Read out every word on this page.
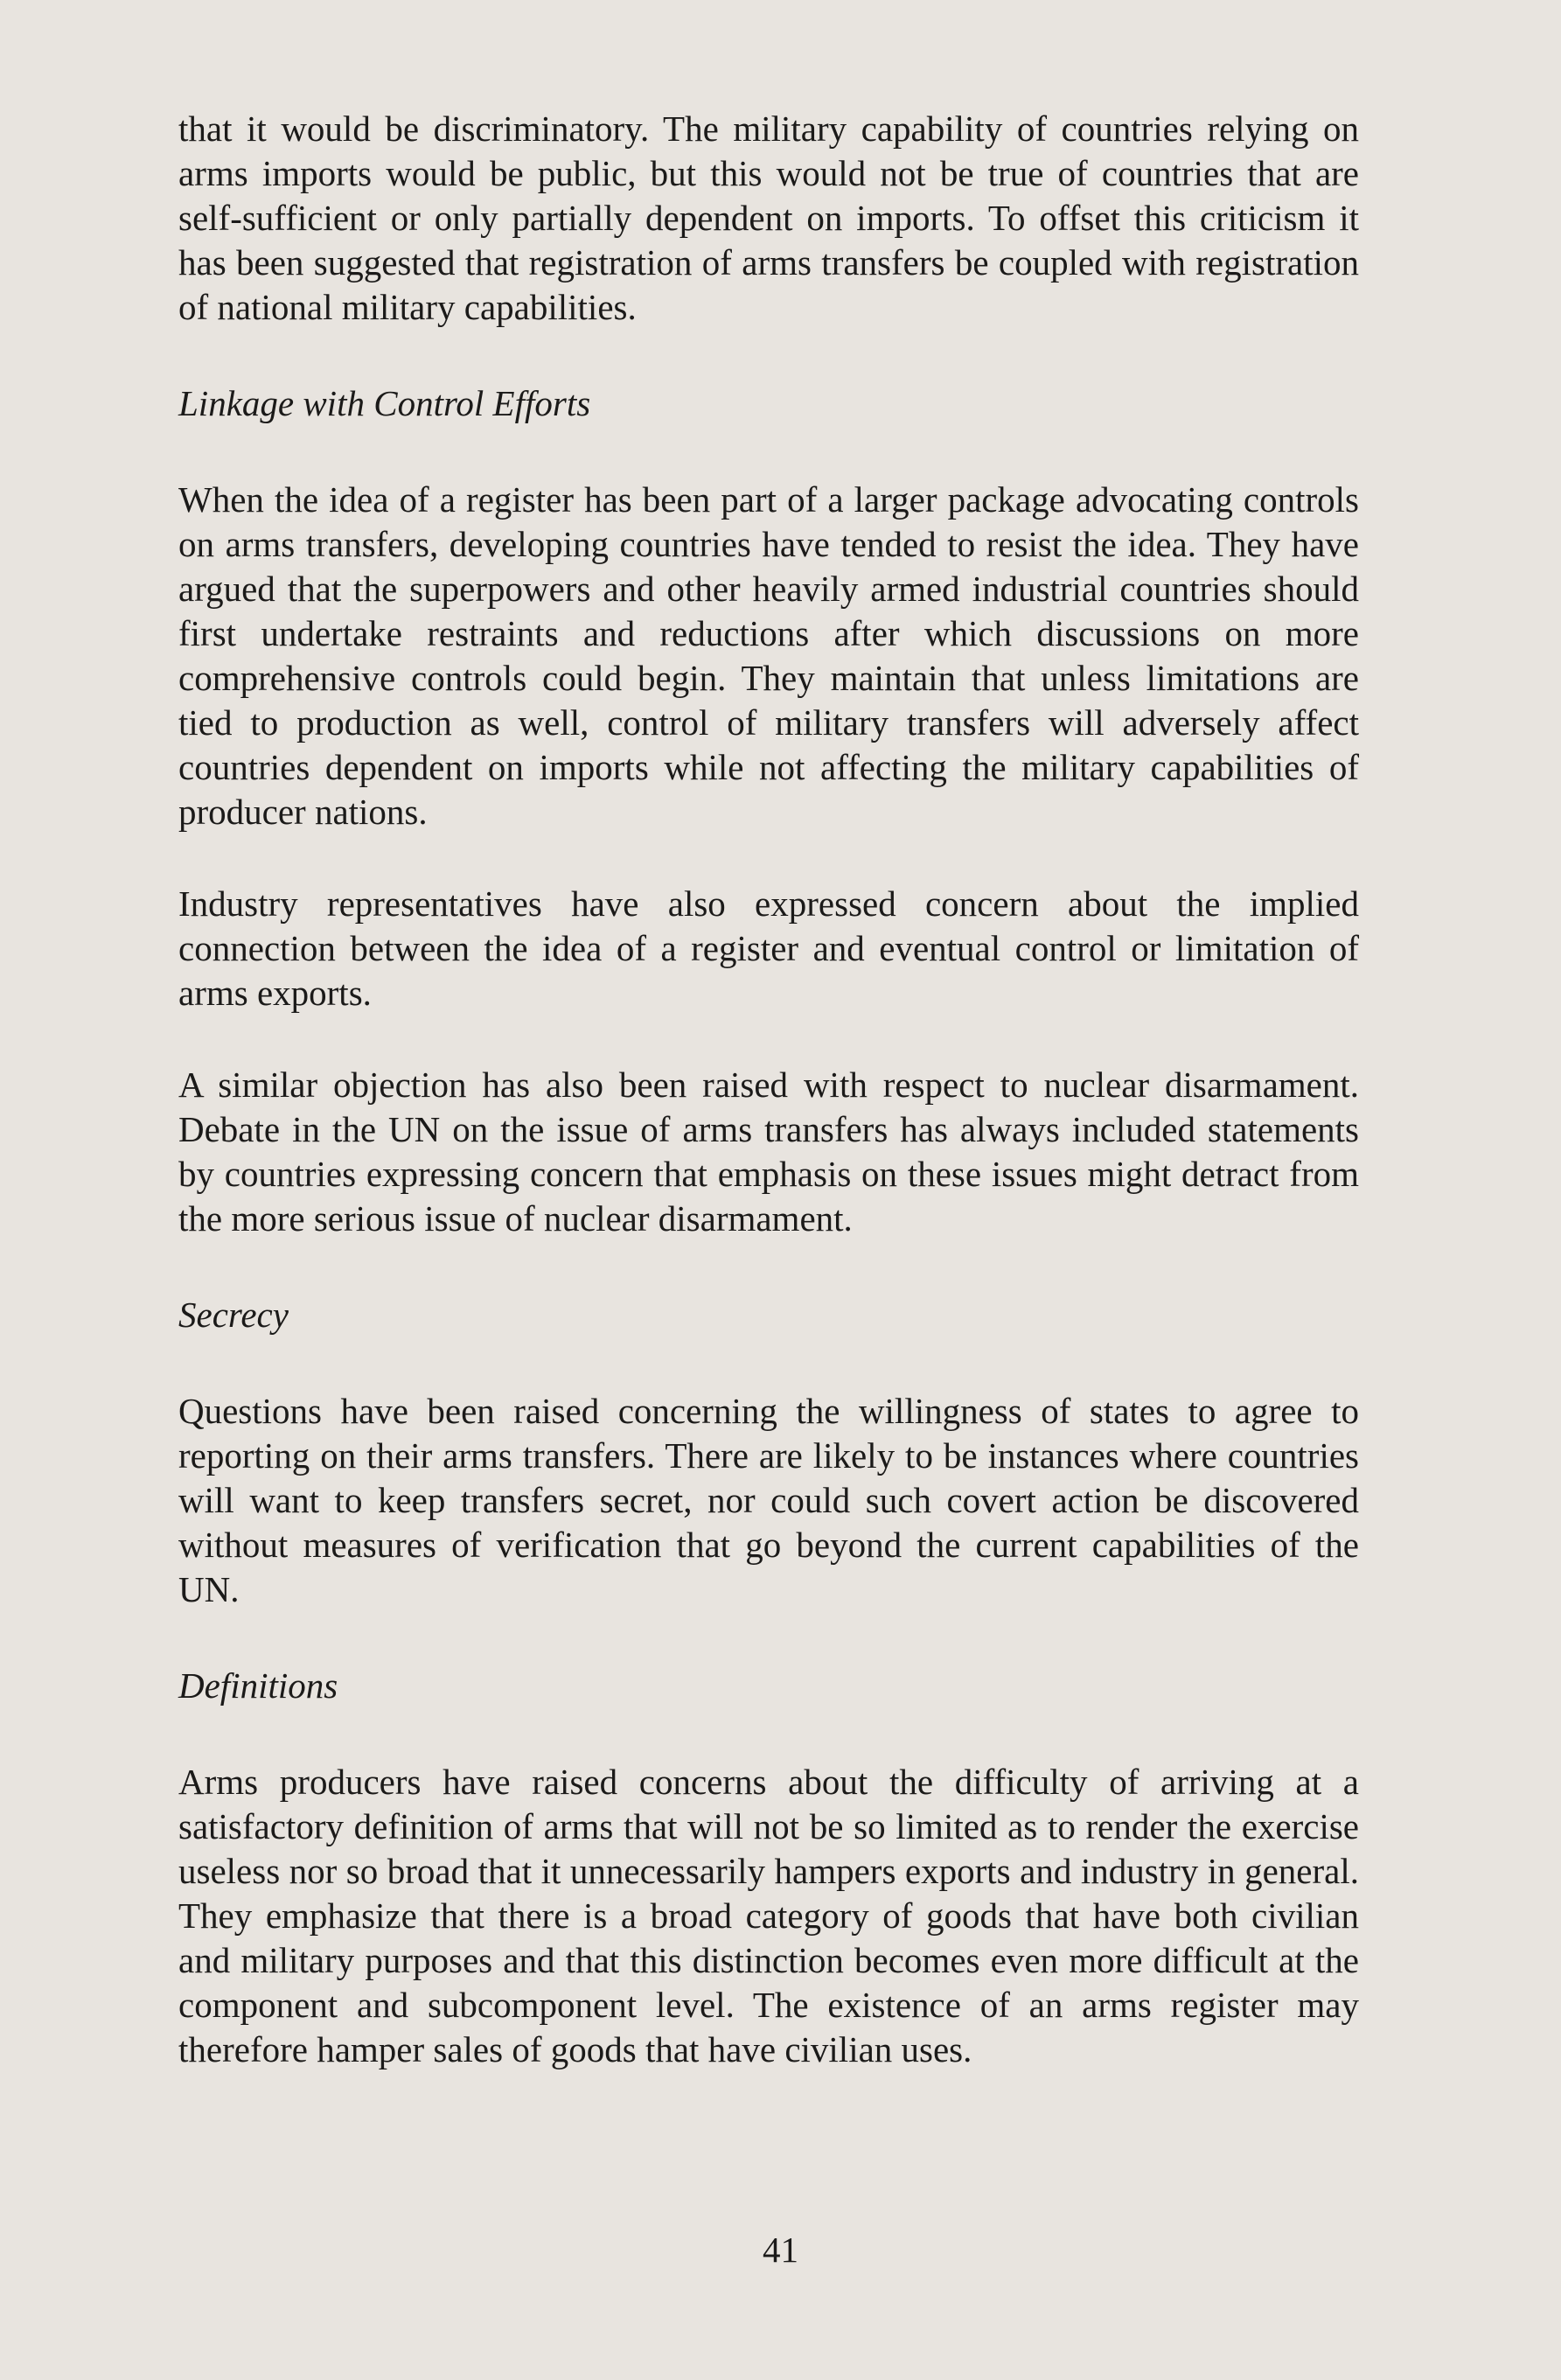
that it would be discriminatory. The military capability of countries relying on arms imports would be public, but this would not be true of countries that are self-sufficient or only partially dependent on imports. To offset this criticism it has been suggested that registration of arms transfers be coupled with registration of national military capabilities.

Linkage with Control Efforts

When the idea of a register has been part of a larger package advocating controls on arms transfers, developing countries have tended to resist the idea. They have argued that the superpowers and other heavily armed industrial countries should first undertake restraints and reductions after which discussions on more comprehensive controls could begin. They maintain that unless limitations are tied to production as well, control of military transfers will adversely affect countries dependent on imports while not affecting the military capabilities of producer nations.

Industry representatives have also expressed concern about the implied connection between the idea of a register and eventual control or limitation of arms exports.

A similar objection has also been raised with respect to nuclear disarmament. Debate in the UN on the issue of arms transfers has always included statements by countries expressing concern that emphasis on these issues might detract from the more serious issue of nuclear disarmament.

Secrecy

Questions have been raised concerning the willingness of states to agree to reporting on their arms transfers. There are likely to be instances where countries will want to keep transfers secret, nor could such covert action be discovered without measures of verification that go beyond the current capabilities of the UN.

Definitions

Arms producers have raised concerns about the difficulty of arriving at a satisfactory definition of arms that will not be so limited as to render the exercise useless nor so broad that it unnecessarily hampers exports and industry in general. They emphasize that there is a broad category of goods that have both civilian and military purposes and that this distinction becomes even more difficult at the component and subcomponent level. The existence of an arms register may therefore hamper sales of goods that have civilian uses.

41
